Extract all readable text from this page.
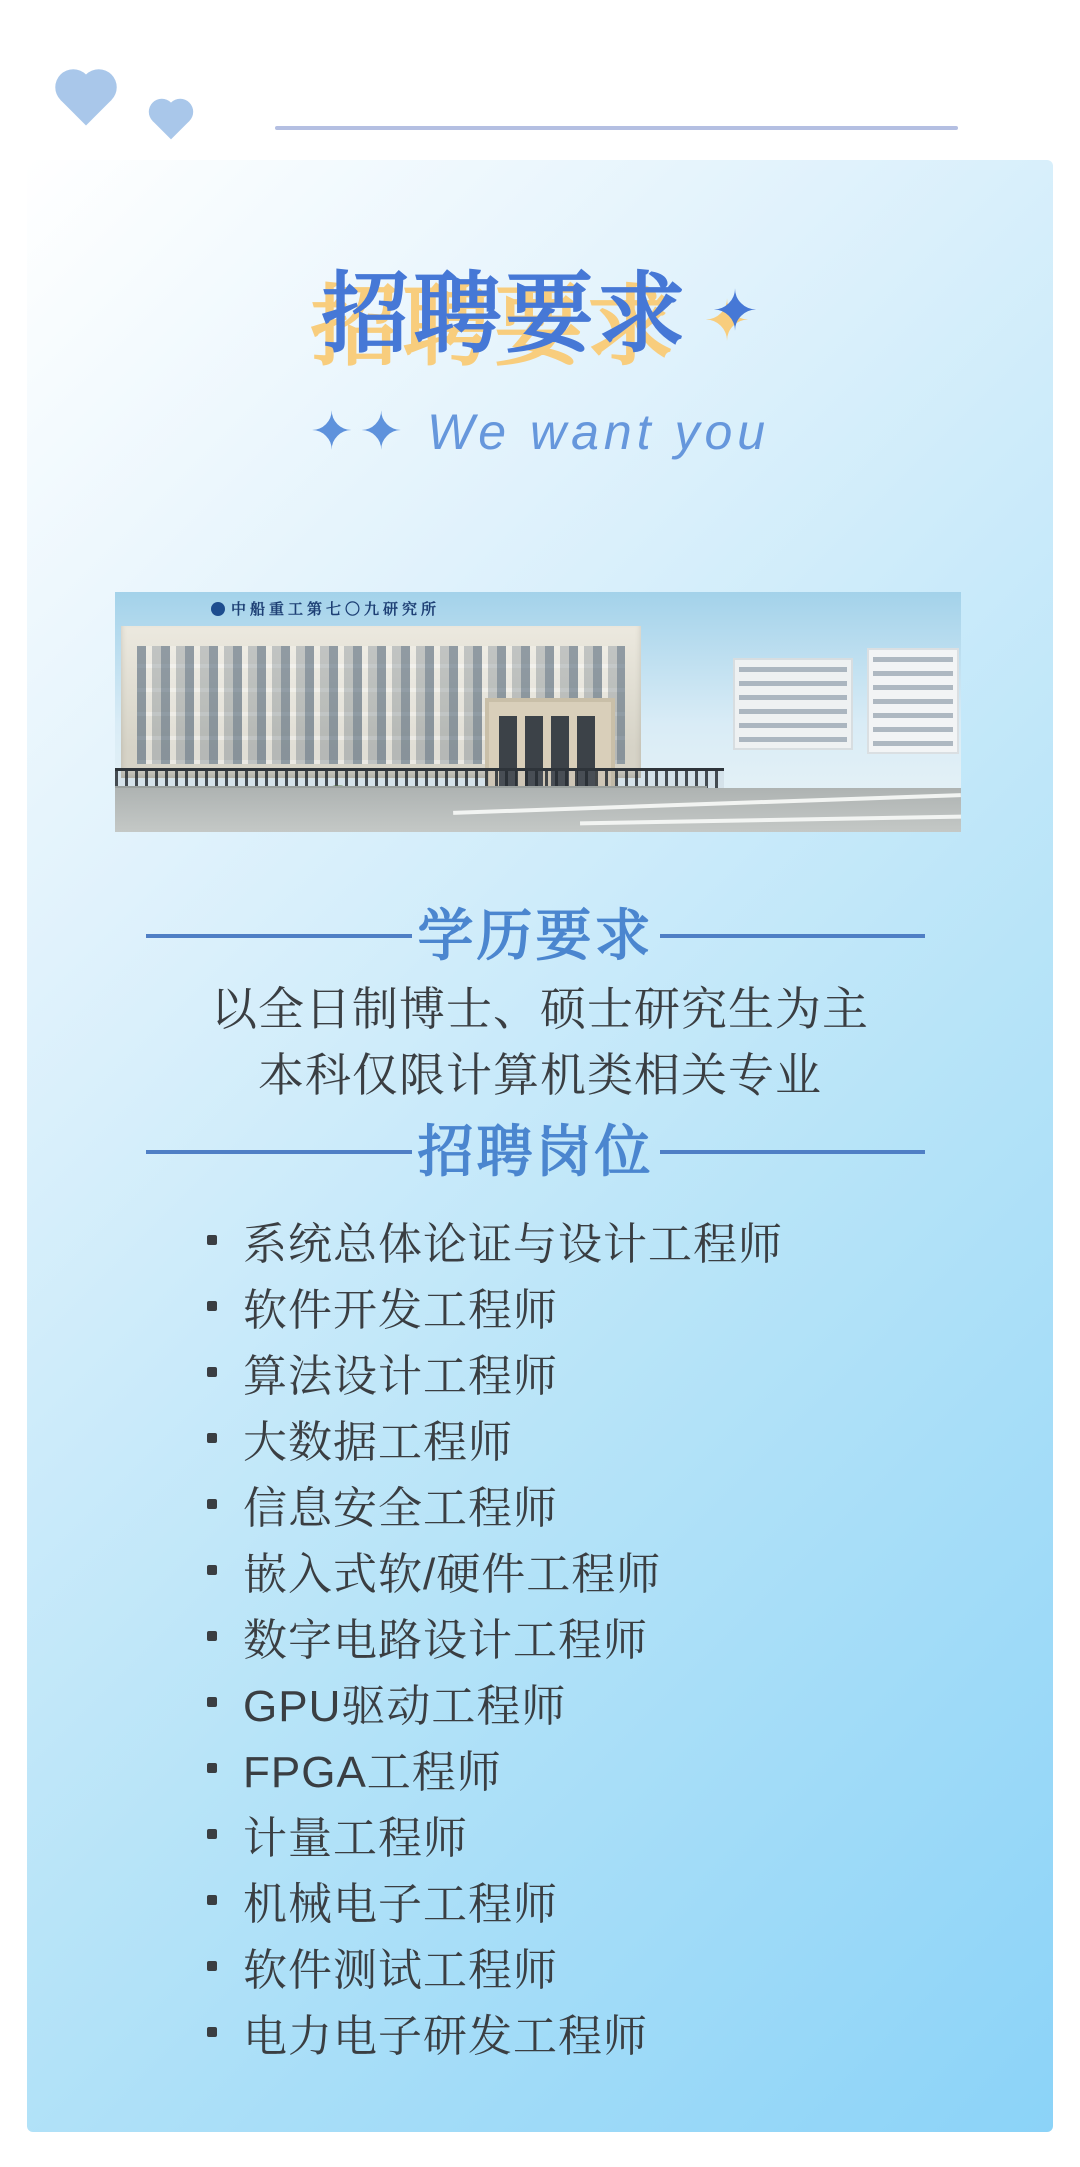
招聘要求 ✦
✦✦ We want you
中船重工第七〇九研究所
学历要求

以全日制博士、硕士研究生为主

本科仅限计算机类相关专业

招聘岗位
系统总体论证与设计工程师
软件开发工程师
算法设计工程师
大数据工程师
信息安全工程师
嵌入式软/硬件工程师
数字电路设计工程师
GPU驱动工程师
FPGA工程师
计量工程师
机械电子工程师
软件测试工程师
电力电子研发工程师
